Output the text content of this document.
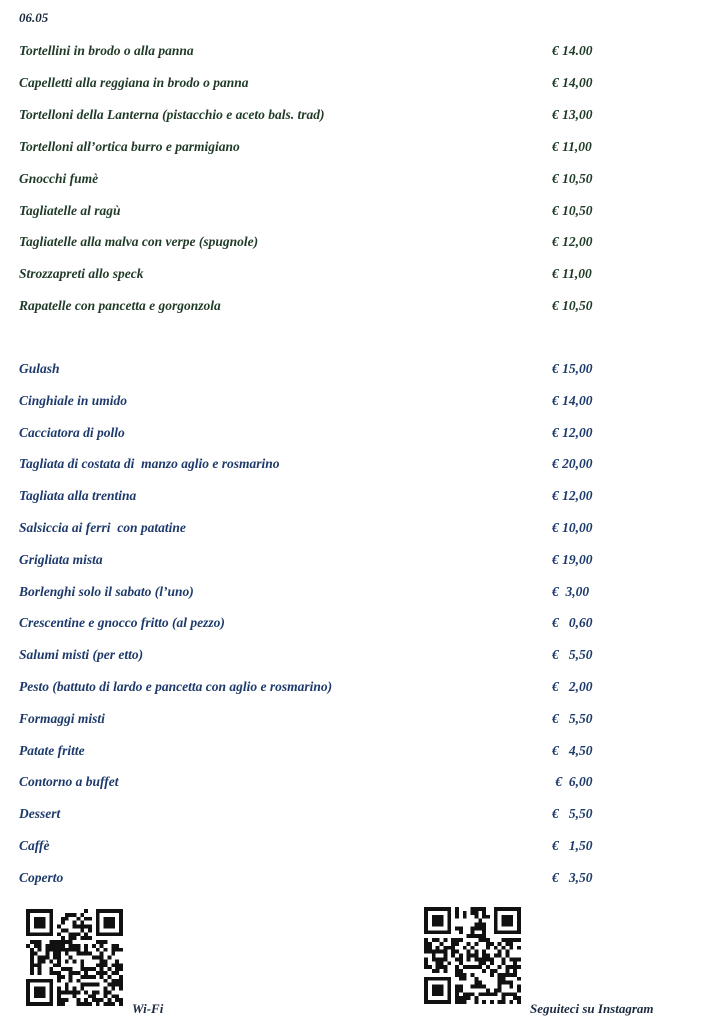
06.05
Tortellini in brodo o alla panna	€ 14.00
Capelletti alla reggiana in brodo o panna	€ 14,00
Tortelloni della Lanterna (pistacchio e aceto bals. trad)	€ 13,00
Tortelloni all’ortica burro e parmigiano	€ 11,00
Gnocchi fumè	€ 10,50
Tagliatelle al ragù	€ 10,50
Tagliatelle alla malva con verpe (spugnole)	€ 12,00
Strozzapreti allo speck	€ 11,00
Rapatelle con pancetta e gorgonzola	€ 10,50
Gulash	€ 15,00
Cinghiale in umido	€ 14,00
Cacciatora di pollo	€ 12,00
Tagliata di costata di  manzo aglio e rosmarino	€ 20,00
Tagliata alla trentina	€ 12,00
Salsiccia ai ferri  con patatine	€ 10,00
Grigliata mista	€ 19,00
Borlenghi solo il sabato (l’uno)	€  3,00
Crescentine e gnocco fritto (al pezzo)	€   0,60
Salumi misti (per etto)	€   5,50
Pesto (battuto di lardo e pancetta con aglio e rosmarino)	€   2,00
Formaggi misti	€   5,50
Patate fritte	€   4,50
Contorno a buffet	€  6,00
Dessert	€   5,50
Caffè	€   1,50
Coperto	€   3,50
Wi-Fi	Seguiteci su Instagram
